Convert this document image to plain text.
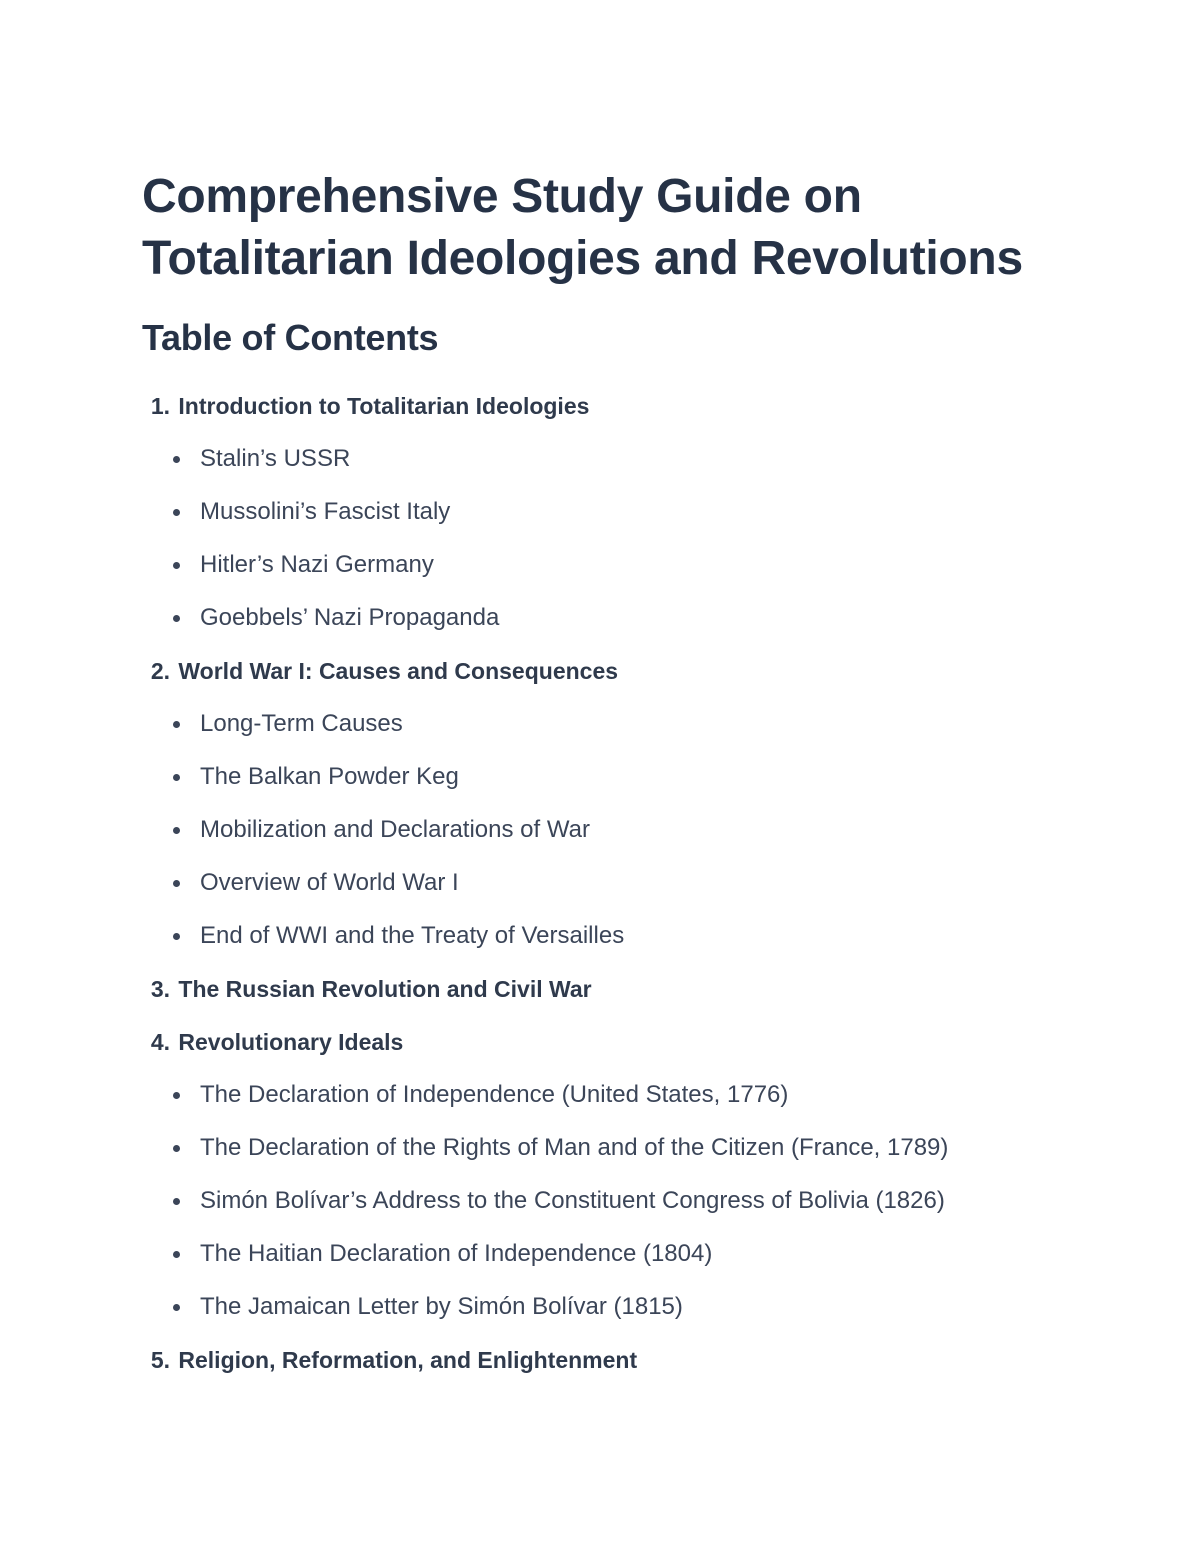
Comprehensive Study Guide on
Totalitarian Ideologies and Revolutions
Table of Contents
1. Introduction to Totalitarian Ideologies
Stalin’s USSR
Mussolini’s Fascist Italy
Hitler’s Nazi Germany
Goebbels’ Nazi Propaganda
2. World War I: Causes and Consequences
Long-Term Causes
The Balkan Powder Keg
Mobilization and Declarations of War
Overview of World War I
End of WWI and the Treaty of Versailles
3. The Russian Revolution and Civil War
4. Revolutionary Ideals
The Declaration of Independence (United States, 1776)
The Declaration of the Rights of Man and of the Citizen (France, 1789)
Simón Bolívar’s Address to the Constituent Congress of Bolivia (1826)
The Haitian Declaration of Independence (1804)
The Jamaican Letter by Simón Bolívar (1815)
5. Religion, Reformation, and Enlightenment
